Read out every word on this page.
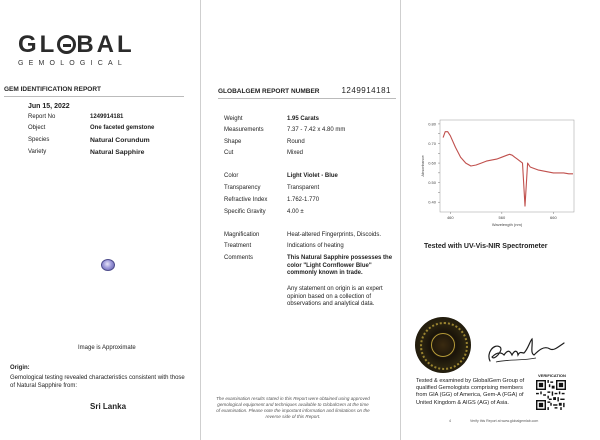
GL BAL
GEMOLOGICAL
GEM IDENTIFICATION REPORT
Jun 15, 2022
Report No	1249914181
Object	One faceted gemstone
Species	Natural Corundum
Variety	Natural Sapphire
Image is Approximate
Origin:
Gemological testing revealed characteristics consistent with those of Natural Sapphire from:
Sri Lanka
GLOBALGEM REPORT NUMBER	1249914181
Weight	1.95 Carats
Measurements	7.37 - 7.42 x 4.80 mm
Shape	Round
Cut	Mixed
Color	Light Violet - Blue
Transparency	Transparent
Refractive Index	1.762-1.770
Specific Gravity	4.00 ±
Magnification	Heat-altered Fingerprints, Discoids.
Treatment	Indications of heating
Comments	This Natural Sapphire possesses the color "Light Cornflower Blue" commonly known in trade.
Any statement on origin is an expert opinion based on a collection of observations and analytical data.
The examination results stated in this Report were obtained using approved gemological equipment and techniques available to GlobalGem at the time of examination. Please note the important information and limitations on the reverse side of this Report.
0.80
0.70
0.60
0.50
0.40
460	560	660
Wavelength (nm)
Absorbance
Tested with UV-Vis-NIR Spectrometer
Tested & examined by GlobalGem Group of qualified Gemologists comprising members from GIA (GG) of America, Gem-A (FGA) of United Kingdom & AIGS (AG) of Asia.
VERIFICATION
4	Verify this Report at www.globalgemlab.com
